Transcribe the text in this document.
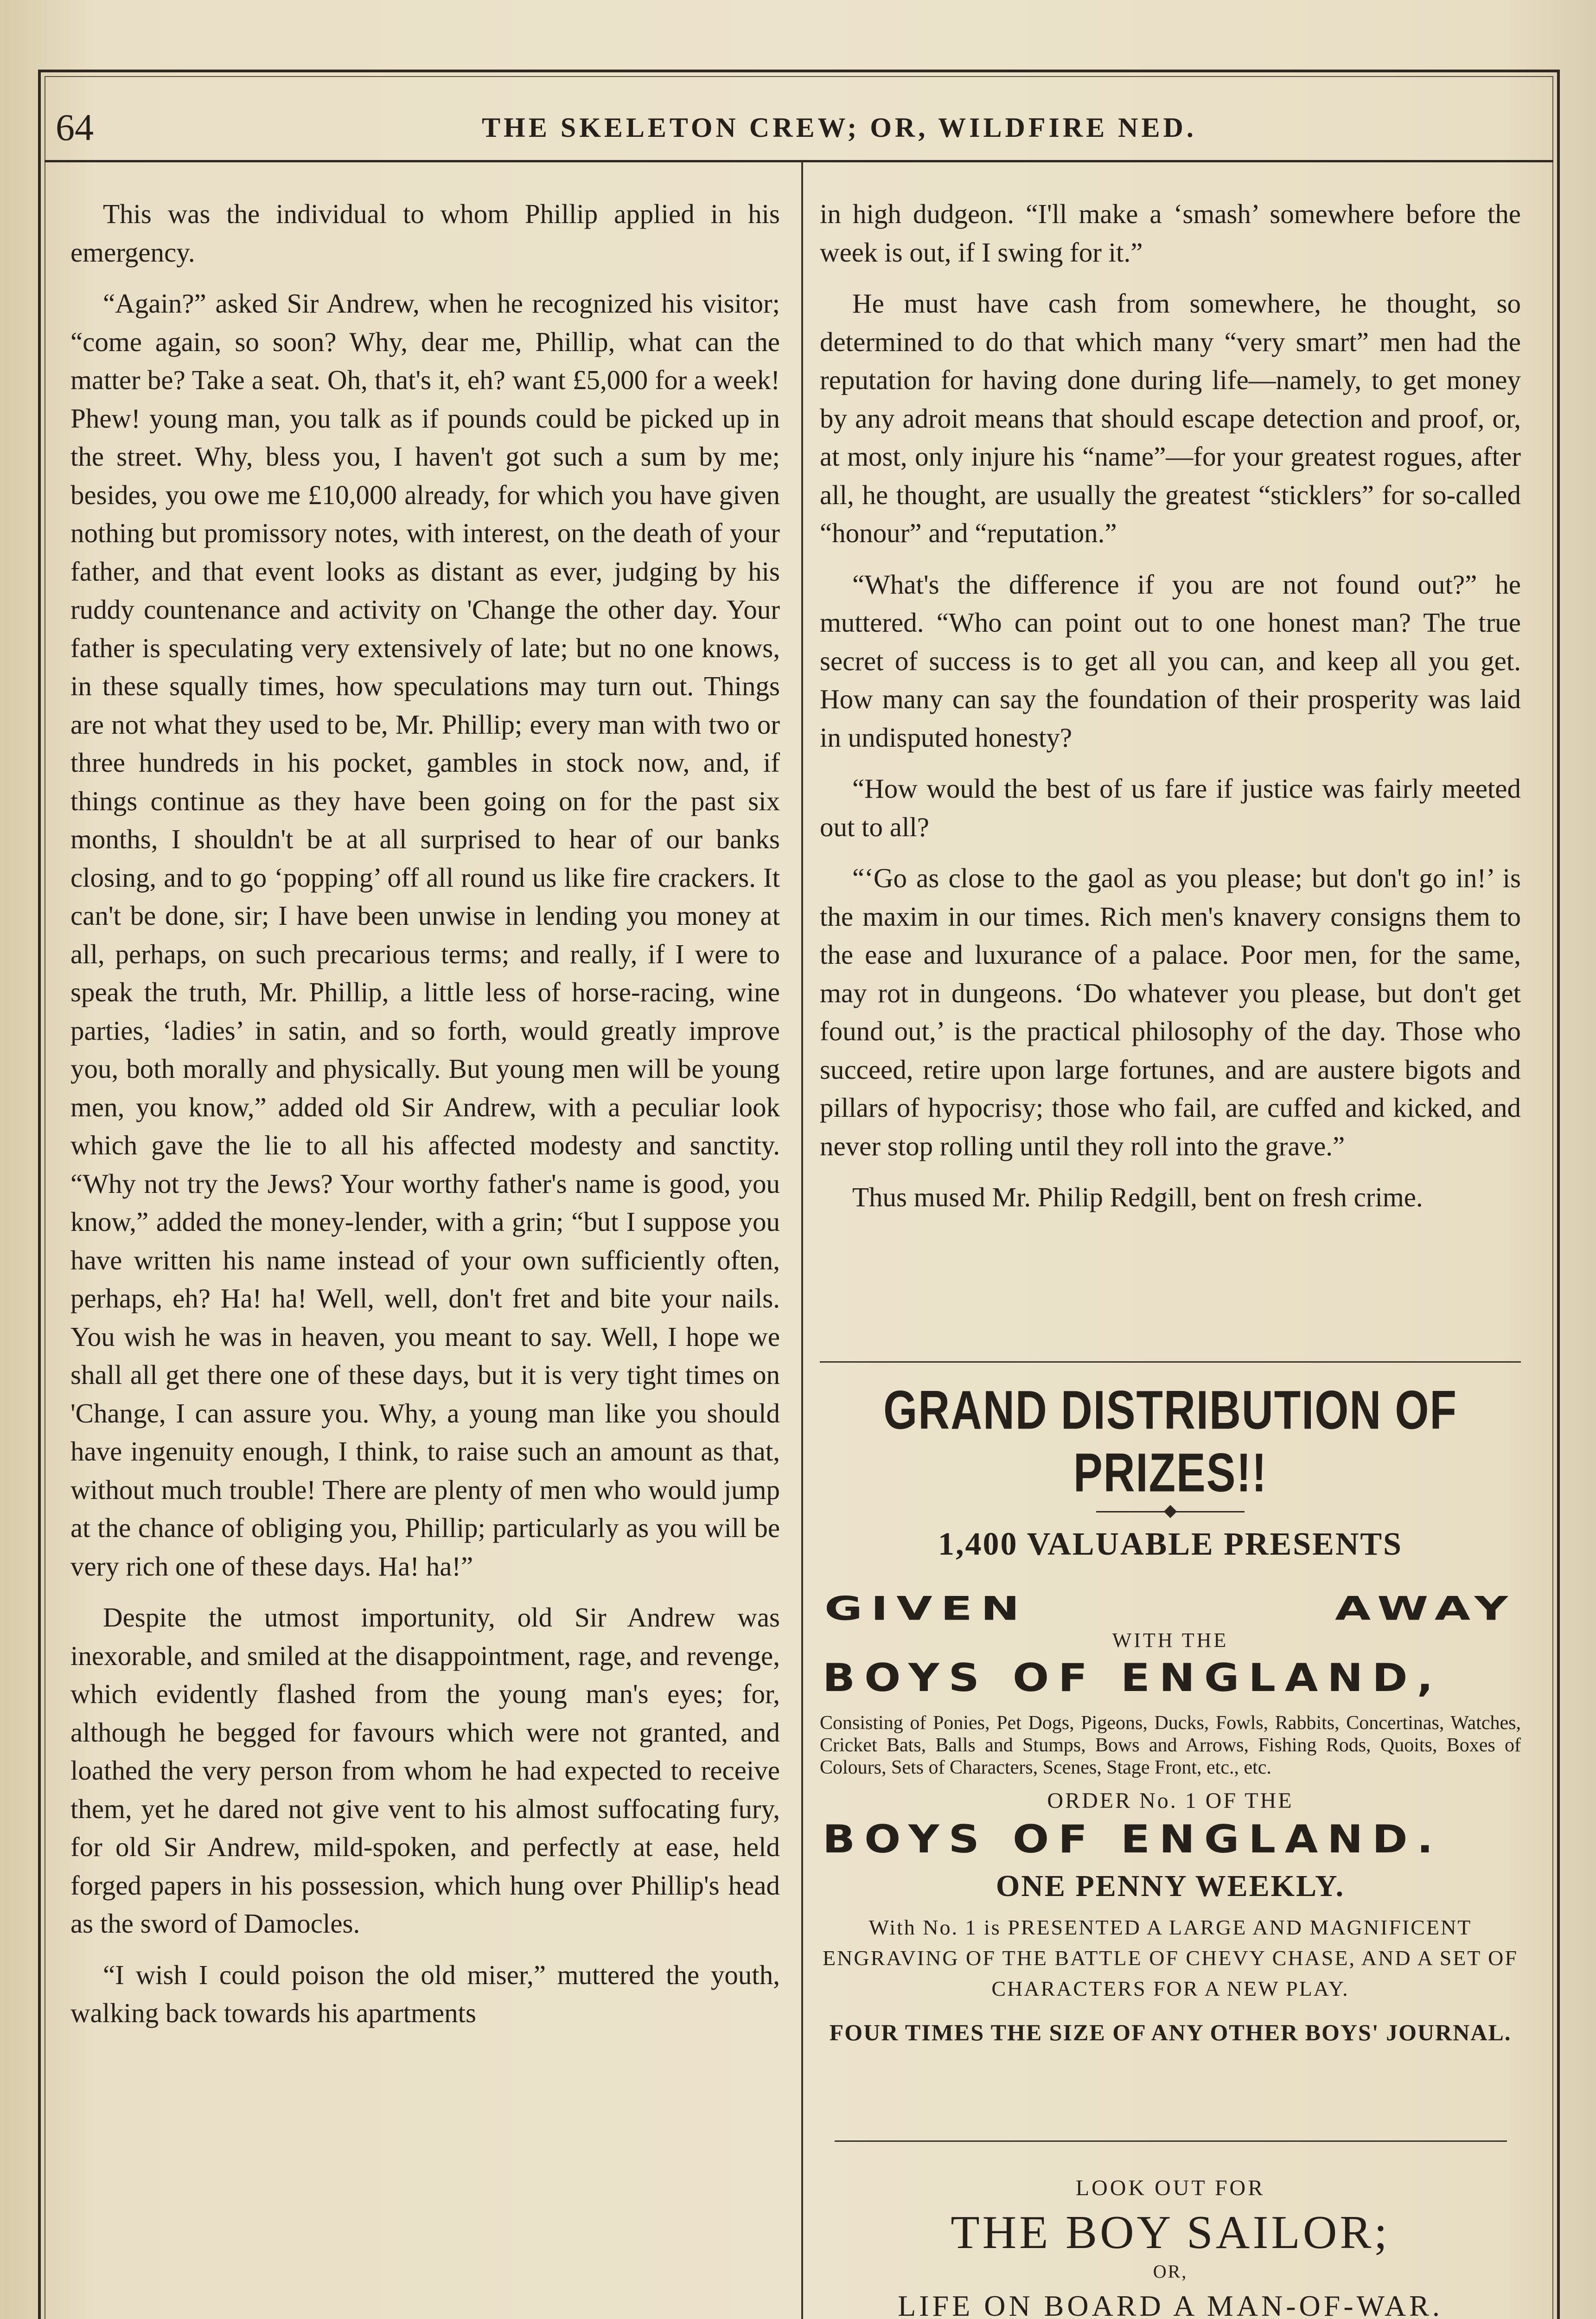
64	THE SKELETON CREW; OR, WILDFIRE NED.

This was the individual to whom Phillip applied in his emergency.

“Again?” asked Sir Andrew, when he recognized his visitor; “come again, so soon? Why, dear me, Phillip, what can the matter be? Take a seat. Oh, that's it, eh? want £5,000 for a week! Phew! young man, you talk as if pounds could be picked up in the street. Why, bless you, I haven't got such a sum by me; besides, you owe me £10,000 already, for which you have given nothing but promissory notes, with interest, on the death of your father, and that event looks as distant as ever, judging by his ruddy countenance and activity on 'Change the other day. Your father is speculating very extensively of late; but no one knows, in these squally times, how speculations may turn out. Things are not what they used to be, Mr. Phillip; every man with two or three hundreds in his pocket, gambles in stock now, and, if things continue as they have been going on for the past six months, I shouldn't be at all surprised to hear of our banks closing, and to go ‘popping’ off all round us like fire crackers. It can't be done, sir; I have been unwise in lending you money at all, perhaps, on such precarious terms; and really, if I were to speak the truth, Mr. Phillip, a little less of horse-racing, wine parties, ‘ladies’ in satin, and so forth, would greatly improve you, both morally and physically. But young men will be young men, you know,” added old Sir Andrew, with a peculiar look which gave the lie to all his affected modesty and sanctity. “Why not try the Jews? Your worthy father's name is good, you know,” added the money-lender, with a grin; “but I suppose you have written his name instead of your own sufficiently often, perhaps, eh? Ha! ha! Well, well, don't fret and bite your nails. You wish he was in heaven, you meant to say. Well, I hope we shall all get there one of these days, but it is very tight times on 'Change, I can assure you. Why, a young man like you should have ingenuity enough, I think, to raise such an amount as that, without much trouble! There are plenty of men who would jump at the chance of obliging you, Phillip; particularly as you will be very rich one of these days. Ha! ha!”

Despite the utmost importunity, old Sir Andrew was inexorable, and smiled at the disappointment, rage, and revenge, which evidently flashed from the young man's eyes; for, although he begged for favours which were not granted, and loathed the very person from whom he had expected to receive them, yet he dared not give vent to his almost suffocating fury, for old Sir Andrew, mild-spoken, and perfectly at ease, held forged papers in his possession, which hung over Phillip's head as the sword of Damocles.

“I wish I could poison the old miser,” muttered the youth, walking back towards his apartments

in high dudgeon. “I'll make a ‘smash’ somewhere before the week is out, if I swing for it.”

He must have cash from somewhere, he thought, so determined to do that which many “very smart” men had the reputation for having done during life—namely, to get money by any adroit means that should escape detection and proof, or, at most, only injure his “name”—for your greatest rogues, after all, he thought, are usually the greatest “sticklers” for so-called “honour” and “reputation.”

“What's the difference if you are not found out?” he muttered. “Who can point out to one honest man? The true secret of success is to get all you can, and keep all you get. How many can say the foundation of their prosperity was laid in undisputed honesty?

“How would the best of us fare if justice was fairly meeted out to all?

“‘Go as close to the gaol as you please; but don't go in!’ is the maxim in our times. Rich men's knavery consigns them to the ease and luxurance of a palace. Poor men, for the same, may rot in dungeons. ‘Do whatever you please, but don't get found out,’ is the practical philosophy of the day. Those who succeed, retire upon large fortunes, and are austere bigots and pillars of hypocrisy; those who fail, are cuffed and kicked, and never stop rolling until they roll into the grave.”

Thus mused Mr. Philip Redgill, bent on fresh crime.

GRAND DISTRIBUTION OF PRIZES!!
1,400 VALUABLE PRESENTS
GIVEN	AWAY
WITH THE
BOYS OF ENGLAND,
Consisting of Ponies, Pet Dogs, Pigeons, Ducks, Fowls, Rabbits, Concertinas, Watches, Cricket Bats, Balls and Stumps, Bows and Arrows, Fishing Rods, Quoits, Boxes of Colours, Sets of Characters, Scenes, Stage Front, etc., etc.
ORDER No. 1 OF THE
BOYS OF ENGLAND.
ONE PENNY WEEKLY.
With No. 1 is PRESENTED A LARGE AND MAGNIFICENT ENGRAVING OF THE BATTLE OF CHEVY CHASE, AND A SET OF CHARACTERS FOR A NEW PLAY.
FOUR TIMES THE SIZE OF ANY OTHER BOYS' JOURNAL.
LOOK OUT FOR
THE BOY SAILOR;
OR,
LIFE ON BOARD A MAN-OF-WAR.
